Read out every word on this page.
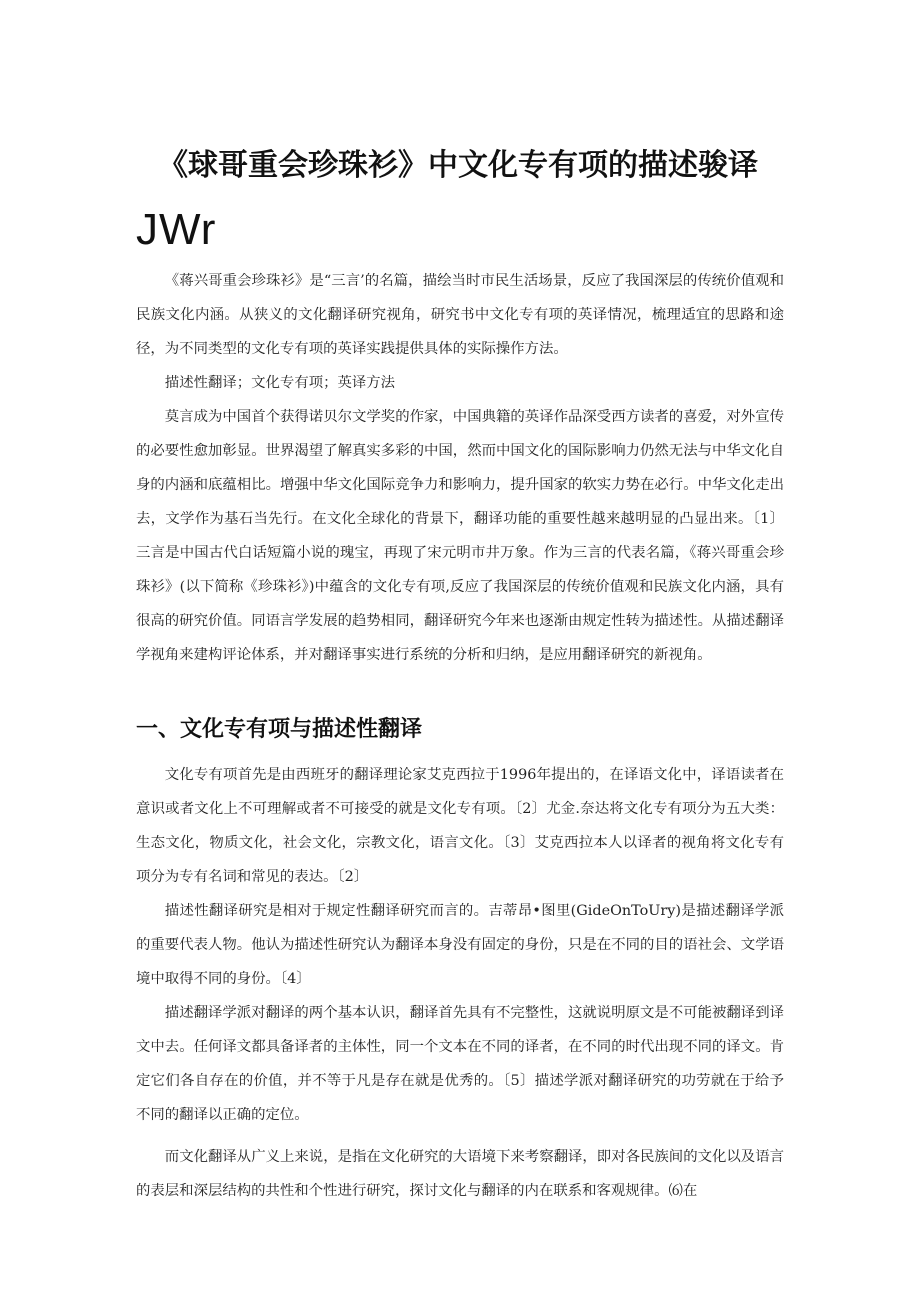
《球哥重会珍珠衫》中文化专有项的描述骏译
JWr

《蒋兴哥重会珍珠衫》是“三言’的名篇，描绘当时市民生活场景，反应了我国深层的传统价值观和民族文化内涵。从狭义的文化翻译研究视角，研究书中文化专有项的英译情况，梳理适宜的思路和途径，为不同类型的文化专有项的英译实践提供具体的实际操作方法。

描述性翻译；文化专有项；英译方法

莫言成为中国首个获得诺贝尔文学奖的作家，中国典籍的英译作品深受西方读者的喜爱，对外宣传的必要性愈加彰显。世界渴望了解真实多彩的中国，然而中国文化的国际影响力仍然无法与中华文化自身的内涵和底蕴相比。增强中华文化国际竞争力和影响力，提升国家的软实力势在必行。中华文化走出去，文学作为基石当先行。在文化全球化的背景下，翻译功能的重要性越来越明显的凸显出来。〔1〕三言是中国古代白话短篇小说的瑰宝，再现了宋元明市井万象。作为三言的代表名篇，《蒋兴哥重会珍珠衫》(以下简称《珍珠衫》)中蕴含的文化专有项,反应了我国深层的传统价值观和民族文化内涵，具有很高的研究价值。同语言学发展的趋势相同，翻译研究今年来也逐渐由规定性转为描述性。从描述翻译学视角来建构评论体系，并对翻译事实进行系统的分析和归纳，是应用翻译研究的新视角。

一、文化专有项与描述性翻译

文化专有项首先是由西班牙的翻译理论家艾克西拉于1996年提出的，在译语文化中，译语读者在意识或者文化上不可理解或者不可接受的就是文化专有项。〔2〕尤金.奈达将文化专有项分为五大类：生态文化，物质文化，社会文化，宗教文化，语言文化。〔3〕艾克西拉本人以译者的视角将文化专有项分为专有名词和常见的表达。〔2〕

描述性翻译研究是相对于规定性翻译研究而言的。吉蒂昂•图里(GideOnToUry)是描述翻译学派的重要代表人物。他认为描述性研究认为翻译本身没有固定的身份，只是在不同的目的语社会、文学语境中取得不同的身份。〔4〕

描述翻译学派对翻译的两个基本认识，翻译首先具有不完整性，这就说明原文是不可能被翻译到译文中去。任何译文都具备译者的主体性，同一个文本在不同的译者，在不同的时代出现不同的译文。肯定它们各自存在的价值，并不等于凡是存在就是优秀的。〔5〕描述学派对翻译研究的功劳就在于给予不同的翻译以正确的定位。

而文化翻译从广义上来说，是指在文化研究的大语境下来考察翻译，即对各民族间的文化以及语言的表层和深层结构的共性和个性进行研究，探讨文化与翻译的内在联系和客观规律。⑹在
